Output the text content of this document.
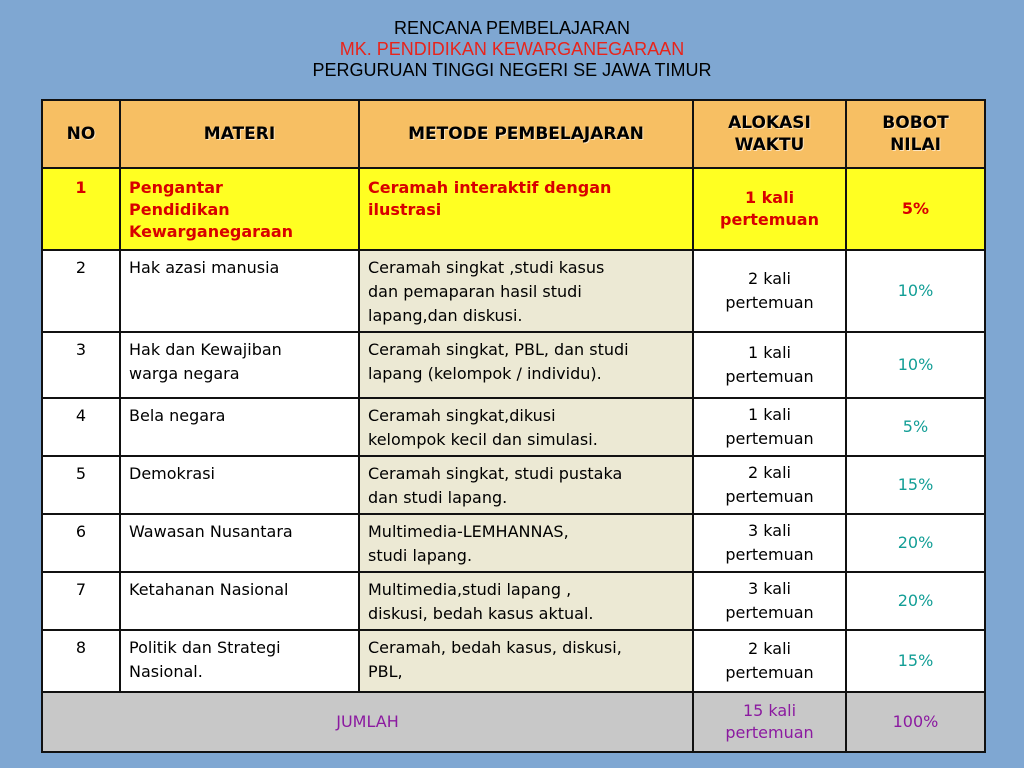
RENCANA PEMBELAJARAN
MK. PENDIDIKAN KEWARGANEGARAAN
PERGURUAN TINGGI NEGERI SE JAWA TIMUR
NO	MATERI	METODE PEMBELAJARAN	ALOKASI
WAKTU	BOBOT
NILAI

1	Pengantar
Pendidikan
Kewarganegaraan	Ceramah interaktif dengan
ilustrasi	1 kali
pertemuan	5%

2	Hak azasi manusia	Ceramah singkat ,studi kasus
dan pemaparan hasil studi
lapang,dan diskusi.	2 kali
pertemuan	10%

3	Hak dan Kewajiban
warga negara	Ceramah singkat, PBL, dan studi
lapang (kelompok / individu).	1 kali
pertemuan	10%

4	Bela negara	Ceramah singkat,dikusi
kelompok kecil dan simulasi.	1 kali
pertemuan	5%

5	Demokrasi	Ceramah singkat, studi pustaka
dan studi lapang.	2 kali
pertemuan	15%

6	Wawasan Nusantara	Multimedia-LEMHANNAS,
studi lapang.	3 kali
pertemuan	20%

7	Ketahanan Nasional	Multimedia,studi lapang ,
diskusi, bedah kasus aktual.	3 kali
pertemuan	20%

8	Politik dan Strategi
Nasional.	Ceramah, bedah kasus, diskusi,
PBL,	2 kali
pertemuan	15%

JUMLAH			15 kali
pertemuan	100%
